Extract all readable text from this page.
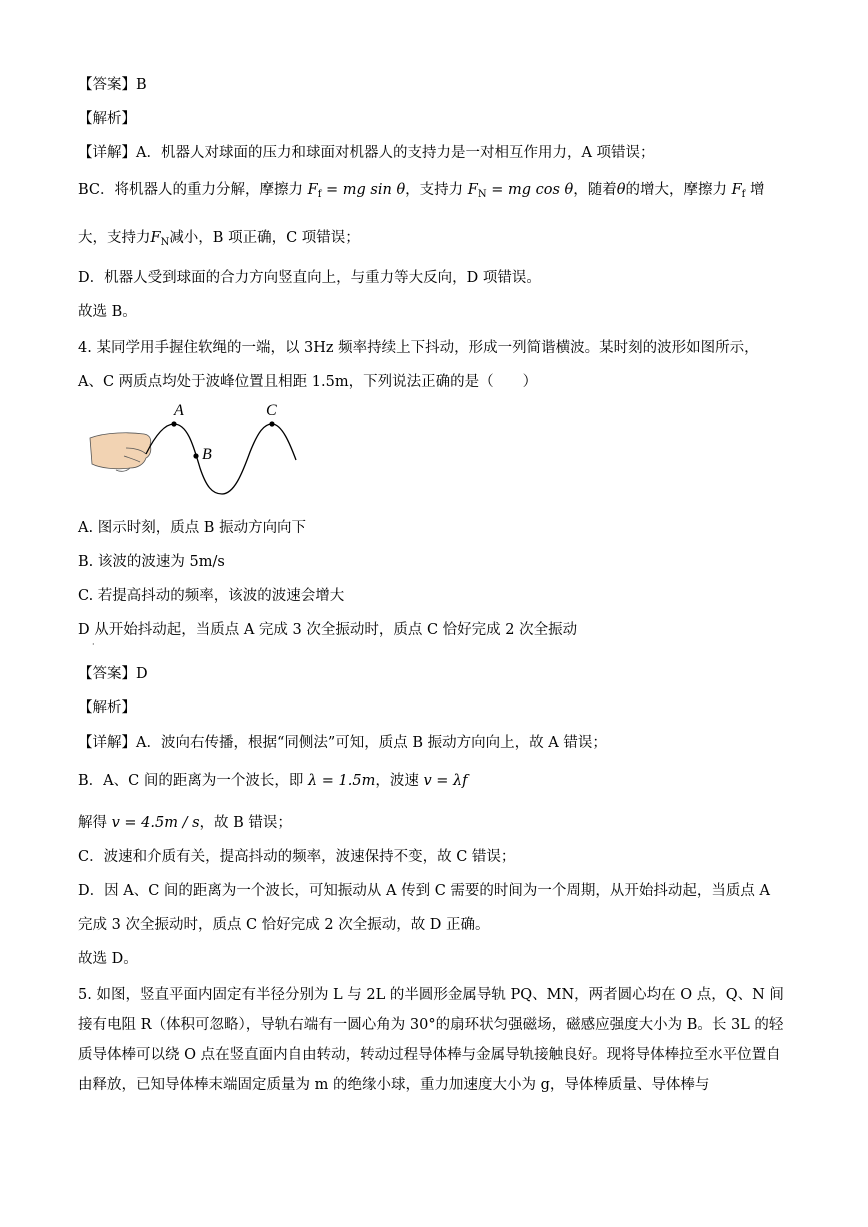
【答案】B
【解析】
【详解】A．机器人对球面的压力和球面对机器人的支持力是一对相互作用力，A 项错误；
BC．将机器人的重力分解，摩擦力 $F_f$ = mg sin θ，支持力 $F_N$ = mg cos θ，随着θ的增大，摩擦力 $F_f$ 增
大，支持力$F_N$减小，B 项正确，C 项错误；
D．机器人受到球面的合力方向竖直向上，与重力等大反向，D 项错误。
故选 B。
4. 某同学用手握住软绳的一端，以 3Hz 频率持续上下抖动，形成一列简谐横波。某时刻的波形如图所示，
A、C 两质点均处于波峰位置且相距 1.5m，下列说法正确的是（　　）
A
B
C
A. 图示时刻，质点 B 振动方向向下
B. 该波的波速为 5m/s
C. 若提高抖动的频率，该波的波速会增大
D 从开始抖动起，当质点 A 完成 3 次全振动时，质点 C 恰好完成 2 次全振动
·
【答案】D
【解析】
【详解】A．波向右传播，根据“同侧法”可知，质点 B 振动方向向上，故 A 错误；
B．A、C 间的距离为一个波长，即 λ = 1.5m，波速 v = λf
解得 v = 4.5m / s，故 B 错误；
C．波速和介质有关，提高抖动的频率，波速保持不变，故 C 错误；
D．因 A、C 间的距离为一个波长，可知振动从 A 传到 C 需要的时间为一个周期，从开始抖动起，当质点 A
完成 3 次全振动时，质点 C 恰好完成 2 次全振动，故 D 正确。
故选 D。
5. 如图，竖直平面内固定有半径分别为 L 与 2L 的半圆形金属导轨 PQ、MN，两者圆心均在 O 点，Q、N 间接有电阻 R（体积可忽略），导轨右端有一圆心角为 30°的扇环状匀强磁场，磁感应强度大小为 B。长 3L 的轻质导体棒可以绕 O 点在竖直面内自由转动，转动过程导体棒与金属导轨接触良好。现将导体棒拉至水平位置自由释放，已知导体棒末端固定质量为 m 的绝缘小球，重力加速度大小为 g，导体棒质量、导体棒与
